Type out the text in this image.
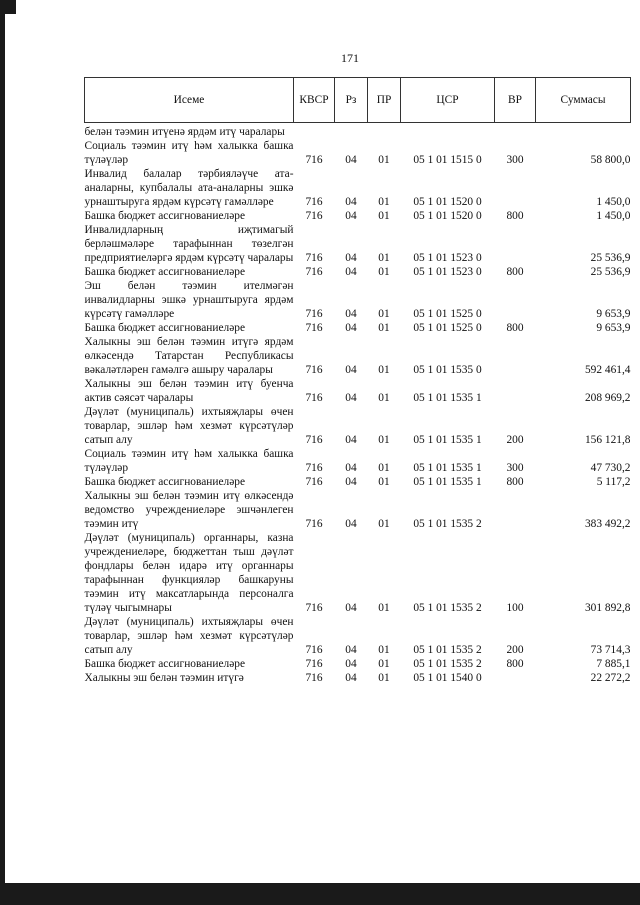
171
Исеме	КВСР	Рз	ПР	ЦСР	ВР	Суммасы
белән тәэмин итүенә ярдәм итү чаралары						
Социаль тәэмин итү һәм халыкка башка түләүләр	716	04	01	05 1 01 1515 0	300	58 800,0
Инвалид балалар тәрбияләүче ата-аналарны, купбалалы ата-аналарны эшкә урнаштыруга ярдәм күрсәтү гамәлләре	716	04	01	05 1 01 1520 0		1 450,0
Башка бюджет ассигнованиеләре	716	04	01	05 1 01 1520 0	800	1 450,0
Инвалидларның иҗтимагый берләшмәләре тарафыннан төзелгән предприятиеләргә ярдәм күрсәтү чаралары	716	04	01	05 1 01 1523 0		25 536,9
Башка бюджет ассигнованиеләре	716	04	01	05 1 01 1523 0	800	25 536,9
Эш белән тәэмин ителмәгән инвалидларны эшкә урнаштыруга ярдәм күрсәтү гамәлләре	716	04	01	05 1 01 1525 0		9 653,9
Башка бюджет ассигнованиеләре	716	04	01	05 1 01 1525 0	800	9 653,9
Халыкны эш белән тәэмин итүгә ярдәм өлкәсендә Татарстан Республикасы вәкаләтләрен гамәлгә ашыру чаралары	716	04	01	05 1 01 1535 0		592 461,4
Халыкны эш белән тәэмин итү буенча актив сәясәт чаралары	716	04	01	05 1 01 1535 1		208 969,2
Дәүләт (муниципаль) ихтыяҗлары өчен товарлар, эшләр һәм хезмәт күрсәтүләр сатып алу	716	04	01	05 1 01 1535 1	200	156 121,8
Социаль тәэмин итү һәм халыкка башка түләүләр	716	04	01	05 1 01 1535 1	300	47 730,2
Башка бюджет ассигнованиеләре	716	04	01	05 1 01 1535 1	800	5 117,2
Халыкны эш белән тәэмин итү өлкәсендә ведомство учреждениеләре эшчәнлеген тәэмин итү	716	04	01	05 1 01 1535 2		383 492,2
Дәүләт (муниципаль) органнары, казна учреждениеләре, бюджеттан тыш дәүләт фондлары белән идарә итү органнары тарафыннан функцияләр башкаруны тәэмин итү максатларында персоналга түләү чыгымнары	716	04	01	05 1 01 1535 2	100	301 892,8
Дәүләт (муниципаль) ихтыяҗлары өчен товарлар, эшләр һәм хезмәт күрсәтүләр сатып алу	716	04	01	05 1 01 1535 2	200	73 714,3
Башка бюджет ассигнованиеләре	716	04	01	05 1 01 1535 2	800	7 885,1
Халыкны эш белән тәэмин итүгә	716	04	01	05 1 01 1540 0		22 272,2
